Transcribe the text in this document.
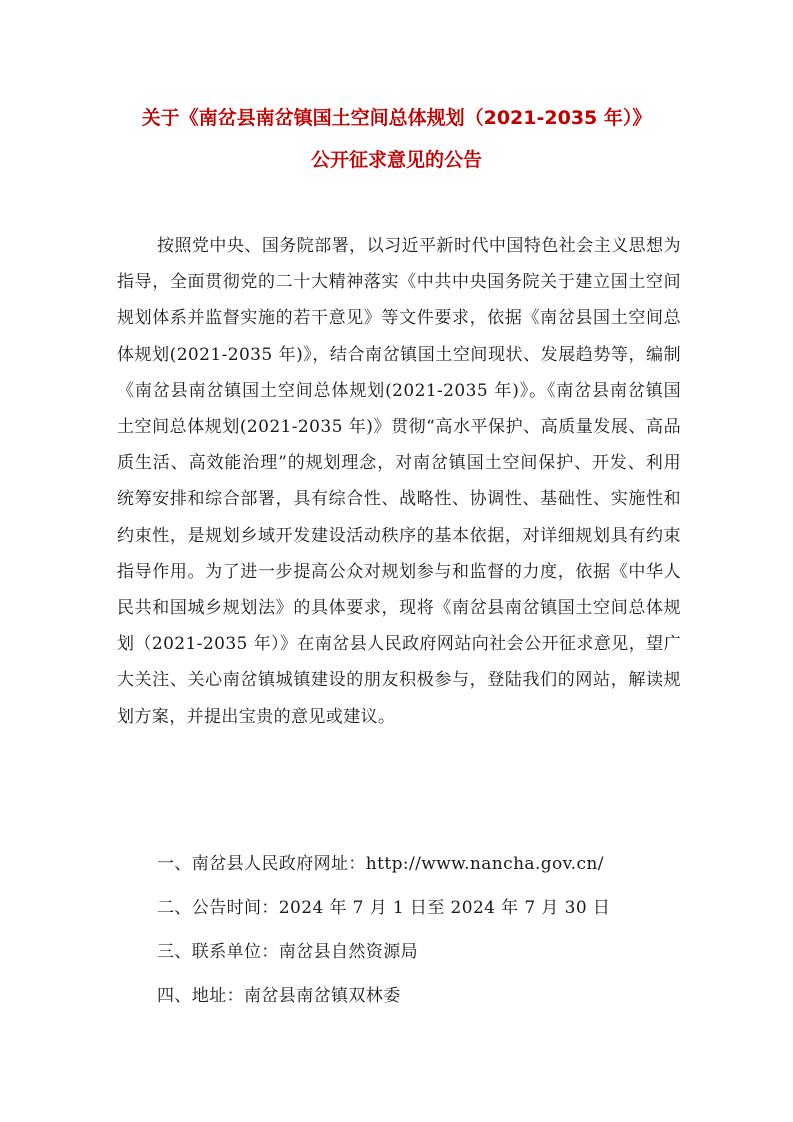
关于《南岔县南岔镇国土空间总体规划（2021-2035 年）》
公开征求意见的公告

按照党中央、国务院部署，以习近平新时代中国特色社会主义思想为指导，全面贯彻党的二十大精神落实《中共中央国务院关于建立国土空间规划体系并监督实施的若干意见》等文件要求，依据《南岔县国土空间总体规划(2021-2035 年)》，结合南岔镇国土空间现状、发展趋势等，编制《南岔县南岔镇国土空间总体规划(2021-2035 年)》。《南岔县南岔镇国土空间总体规划(2021-2035 年)》贯彻“高水平保护、高质量发展、高品质生活、高效能治理”的规划理念，对南岔镇国土空间保护、开发、利用统筹安排和综合部署，具有综合性、战略性、协调性、基础性、实施性和约束性，是规划乡域开发建设活动秩序的基本依据，对详细规划具有约束指导作用。为了进一步提高公众对规划参与和监督的力度，依据《中华人民共和国城乡规划法》的具体要求，现将《南岔县南岔镇国土空间总体规划（2021-2035 年）》在南岔县人民政府网站向社会公开征求意见，望广大关注、关心南岔镇城镇建设的朋友积极参与，登陆我们的网站，解读规划方案，并提出宝贵的意见或建议。

一、南岔县人民政府网址：http://www.nancha.gov.cn/
二、公告时间：2024 年 7 月 1 日至 2024 年 7 月 30 日
三、联系单位：南岔县自然资源局
四、地址：南岔县南岔镇双林委
